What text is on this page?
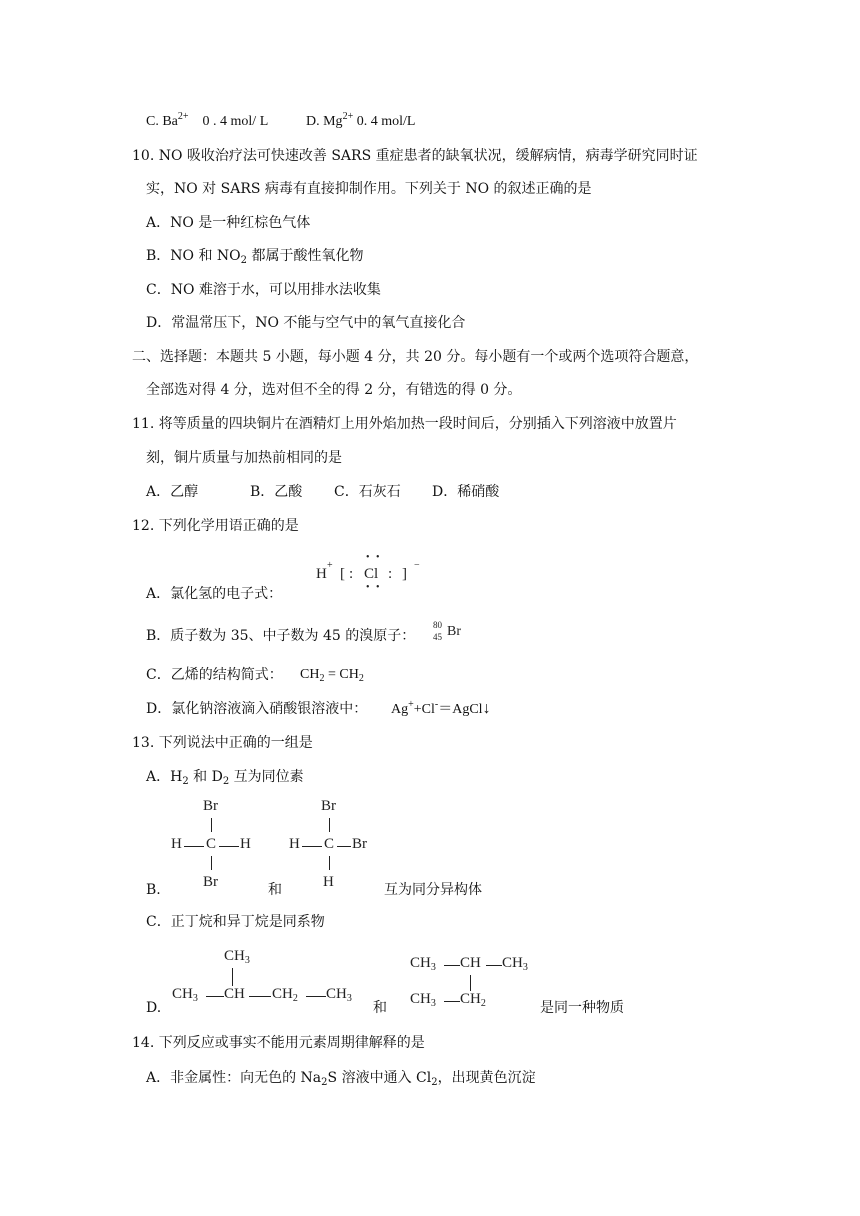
C. $Ba^{2+}$ 0 . 4 mol/ L	D. $Mg^{2+}$ 0. 4 mol/L
10. NO 吸收治疗法可快速改善 SARS 重症患者的缺氧状况，缓解病情，病毒学研究同时证
实，NO 对 SARS 病毒有直接抑制作用。下列关于 NO 的叙述正确的是
A．NO 是一种红棕色气体
B．NO 和 $NO_2$ 都属于酸性氧化物
C．NO 难溶于水，可以用排水法收集
D．常温常压下，NO 不能与空气中的氧气直接化合
二、选择题：本题共 5 小题，每小题 4 分，共 20 分。每小题有一个或两个选项符合题意，
全部选对得 4 分，选对但不全的得 2 分，有错选的得 0 分。
11. 将等质量的四块铜片在酒精灯上用外焰加热一段时间后，分别插入下列溶液中放置片
刻，铜片质量与加热前相同的是
A．乙醇	B．乙酸 C．石灰石 D．稀硝酸
12. 下列化学用语正确的是
A．氯化氢的电子式：
H
+
[ :
• •
Cl
• •
: ]
−
B．质子数为 35、中子数为 45 的溴原子：
80
45 Br
C．乙烯的结构简式： $CH_2 = CH_2$
D．氯化钠溶液滴入硝酸银溶液中： Ag++Cl-＝AgCl↓
13. 下列说法中正确的一组是
A．$H_2$ 和 $D_2$ 互为同位素
Br
H C H
Br
B.	和
Br
H C Br
H	互为同分异构体
C．正丁烷和异丁烷是同系物
$CH_3$
$CH_3$ CH $CH_2$ $CH_3$
D.	和
$CH_3$ CH $CH_3$
$CH_3$ $CH_2$	是同一种物质
14. 下列反应或事实不能用元素周期律解释的是
A．非金属性：向无色的 $Na_2S$ 溶液中通入 $Cl_2$，出现黄色沉淀
